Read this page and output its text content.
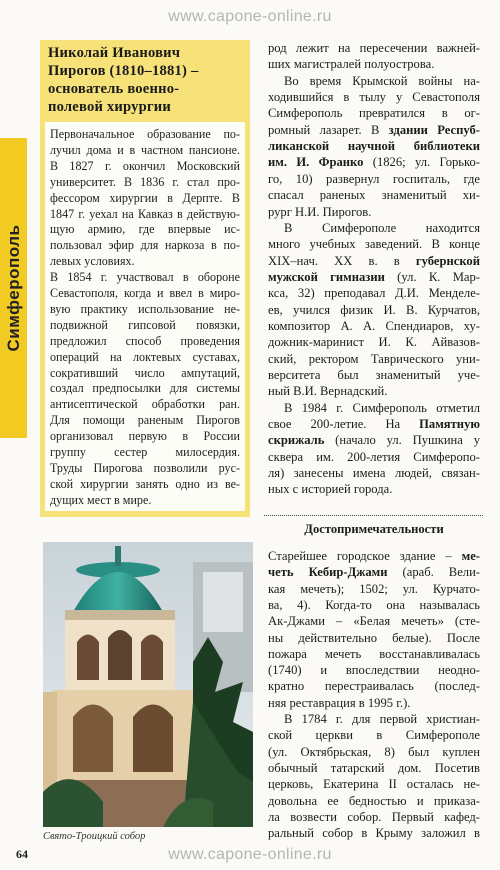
www.capone-online.ru
Симферополь
Николай Иванович
Пирогов (1810–1881) –
основатель военно-
полевой хирургии
Первоначальное образование по-
лучил дома и в частном пансионе.
В 1827 г. окончил Московский
университет. В 1836 г. стал про-
фессором хирургии в Дерпте. В
1847 г. уехал на Кавказ в действую-
щую армию, где впервые ис-
пользовал эфир для наркоза в по-
левых условиях.
В 1854 г. участвовал в обороне
Севастополя, когда и ввел в миро-
вую практику использование не-
подвижной гипсовой повязки,
предложил способ проведения
операций на локтевых суставах,
сокративший число ампутаций,
создал предпосылки для системы
антисептической обработки ран.
Для помощи раненым Пирогов
организовал первую в России
группу сестер милосердия.
Труды Пирогова позволили рус-
ской хирургии занять одно из ве-
дущих мест в мире.
Свято-Троицкий собор
род лежит на пересечении важней-
ших магистралей полуострова.
Во время Крымской войны на-
ходившийся в тылу у Севастополя
Симферополь превратился в ог-
ромный лазарет. В здании Респуб-
ликанской научной библиотеки
им. И. Франко (1826; ул. Горько-
го, 10) развернул госпиталь, где
спасал раненых знаменитый хи-
рург Н.И. Пирогов.
В Симферополе находится
много учебных заведений. В конце
XIX–нач. XX в. в губернской
мужской гимназии (ул. К. Мар-
кса, 32) преподавал Д.И. Менделе-
ев, учился физик И. В. Курчатов,
композитор А. А. Спендиаров, ху-
дожник-маринист И. К. Айвазов-
ский, ректором Таврического уни-
верситета был знаменитый уче-
ный В.И. Вернадский.
В 1984 г. Симферополь отметил
свое 200-летие. На Памятную
скрижаль (начало ул. Пушкина у
сквера им. 200-летия Симферопо-
ля) занесены имена людей, связан-
ных с историей города.
Достопримечательности
Старейшее городское здание – ме-
четь Кебир-Джами (араб. Вели-
кая мечеть); 1502; ул. Курчато-
ва, 4). Когда-то она называлась
Ак-Джами – «Белая мечеть» (сте-
ны действительно белые). После
пожара мечеть восстанавливалась
(1740) и впоследствии неодно-
кратно перестраивалась (послед-
няя реставрация в 1995 г.).
В 1784 г. для первой христиан-
ской церкви в Симферополе
(ул. Октябрьская, 8) был куплен
обычный татарский дом. Посетив
церковь, Екатерина II осталась не-
довольна ее бедностью и приказа-
ла возвести собор. Первый кафед-
ральный собор в Крыму заложил в
64	www.capone-online.ru
